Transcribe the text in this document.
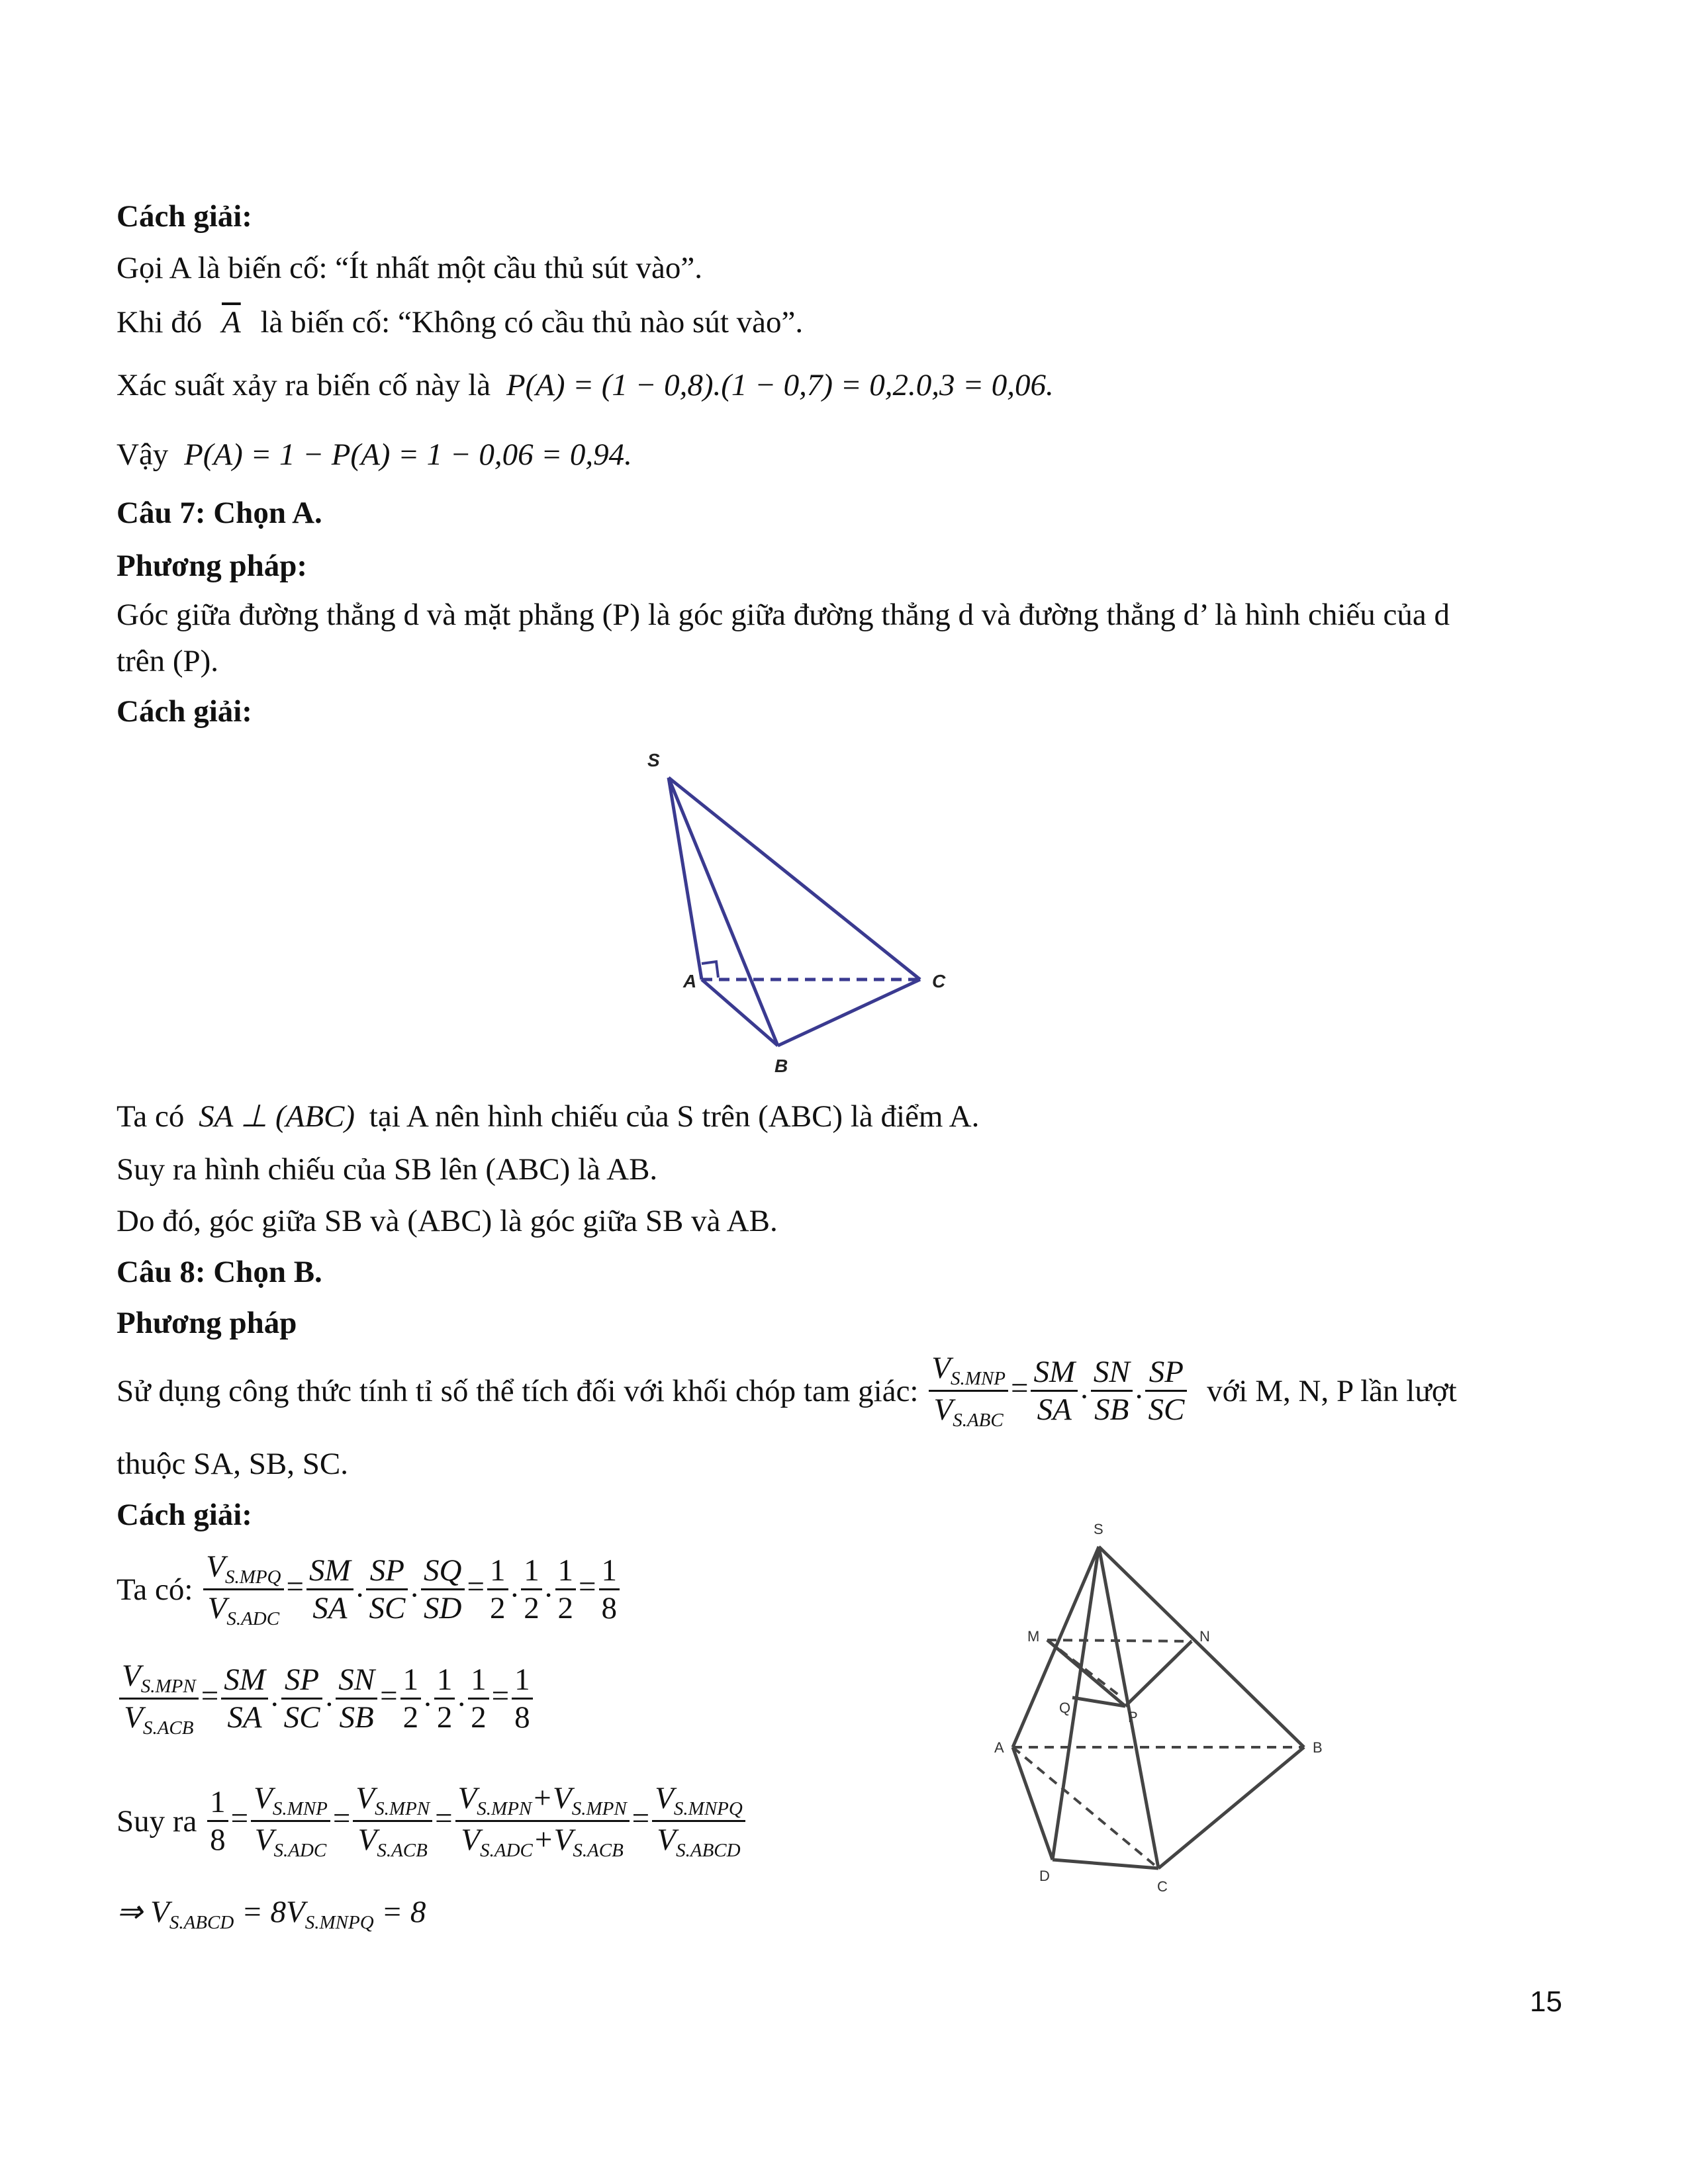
Cách giải:
Gọi A là biến cố: “Ít nhất một cầu thủ sút vào”.
Khi đó $\overline{A}$ là biến cố: “Không có cầu thủ nào sút vào”.
Xác suất xảy ra biến cố này là P(A) = (1 − 0,8).(1 − 0,7) = 0,2.0,3 = 0,06.
Vậy P(A) = 1 − P(A) = 1 − 0,06 = 0,94.
Câu 7: Chọn A.
Phương pháp:
Góc giữa đường thẳng d và mặt phẳng (P) là góc giữa đường thẳng d và đường thẳng d’ là hình chiếu của d
trên (P).
Cách giải:
S
A	C
B
Ta có SA ⊥ (ABC) tại A nên hình chiếu của S trên (ABC) là điểm A.
Suy ra hình chiếu của SB lên (ABC) là AB.
Do đó, góc giữa SB và (ABC) là góc giữa SB và AB.
Câu 8: Chọn B.
Phương pháp
Sử dụng công thức tính tỉ số thể tích đối với khối chóp tam giác: $\frac{V_{S.MNP}}{V_{S.ABC}} = \frac{SM}{SA}$ . $\frac{SN}{SB}$ . $\frac{SP}{SC}$ với M, N, P lần lượt
thuộc SA, SB, SC.
Cách giải:
Ta có: $\frac{V_{S.MPQ}}{V_{S.ADC}} = \frac{SM}{SA}$ . $\frac{SP}{SC}$ . $\frac{SQ}{SD} = \frac{1}{2}$ . $\frac{1}{2}$ . $\frac{1}{2} = \frac{1}{8}$
$\frac{V_{S.MPN}}{V_{S.ACB}} = \frac{SM}{SA}$ . $\frac{SP}{SC}$ . $\frac{SN}{SB} = \frac{1}{2}$ . $\frac{1}{2}$ . $\frac{1}{2} = \frac{1}{8}$
Suy ra $\frac{1}{8} = \frac{V_{S.MNP}}{V_{S.ADC}} = \frac{V_{S.MPN}}{V_{S.ACB}} = \frac{V_{S.MPN}+V_{S.MPN}}{V_{S.ADC}+V_{S.ACB}} = \frac{V_{S.MNPQ}}{V_{S.ABCD}}$
⇒ $V_{S.ABCD} = 8V_{S.MNPQ} = 8$
S
M	N
Q
P
A	B
D
C
15
